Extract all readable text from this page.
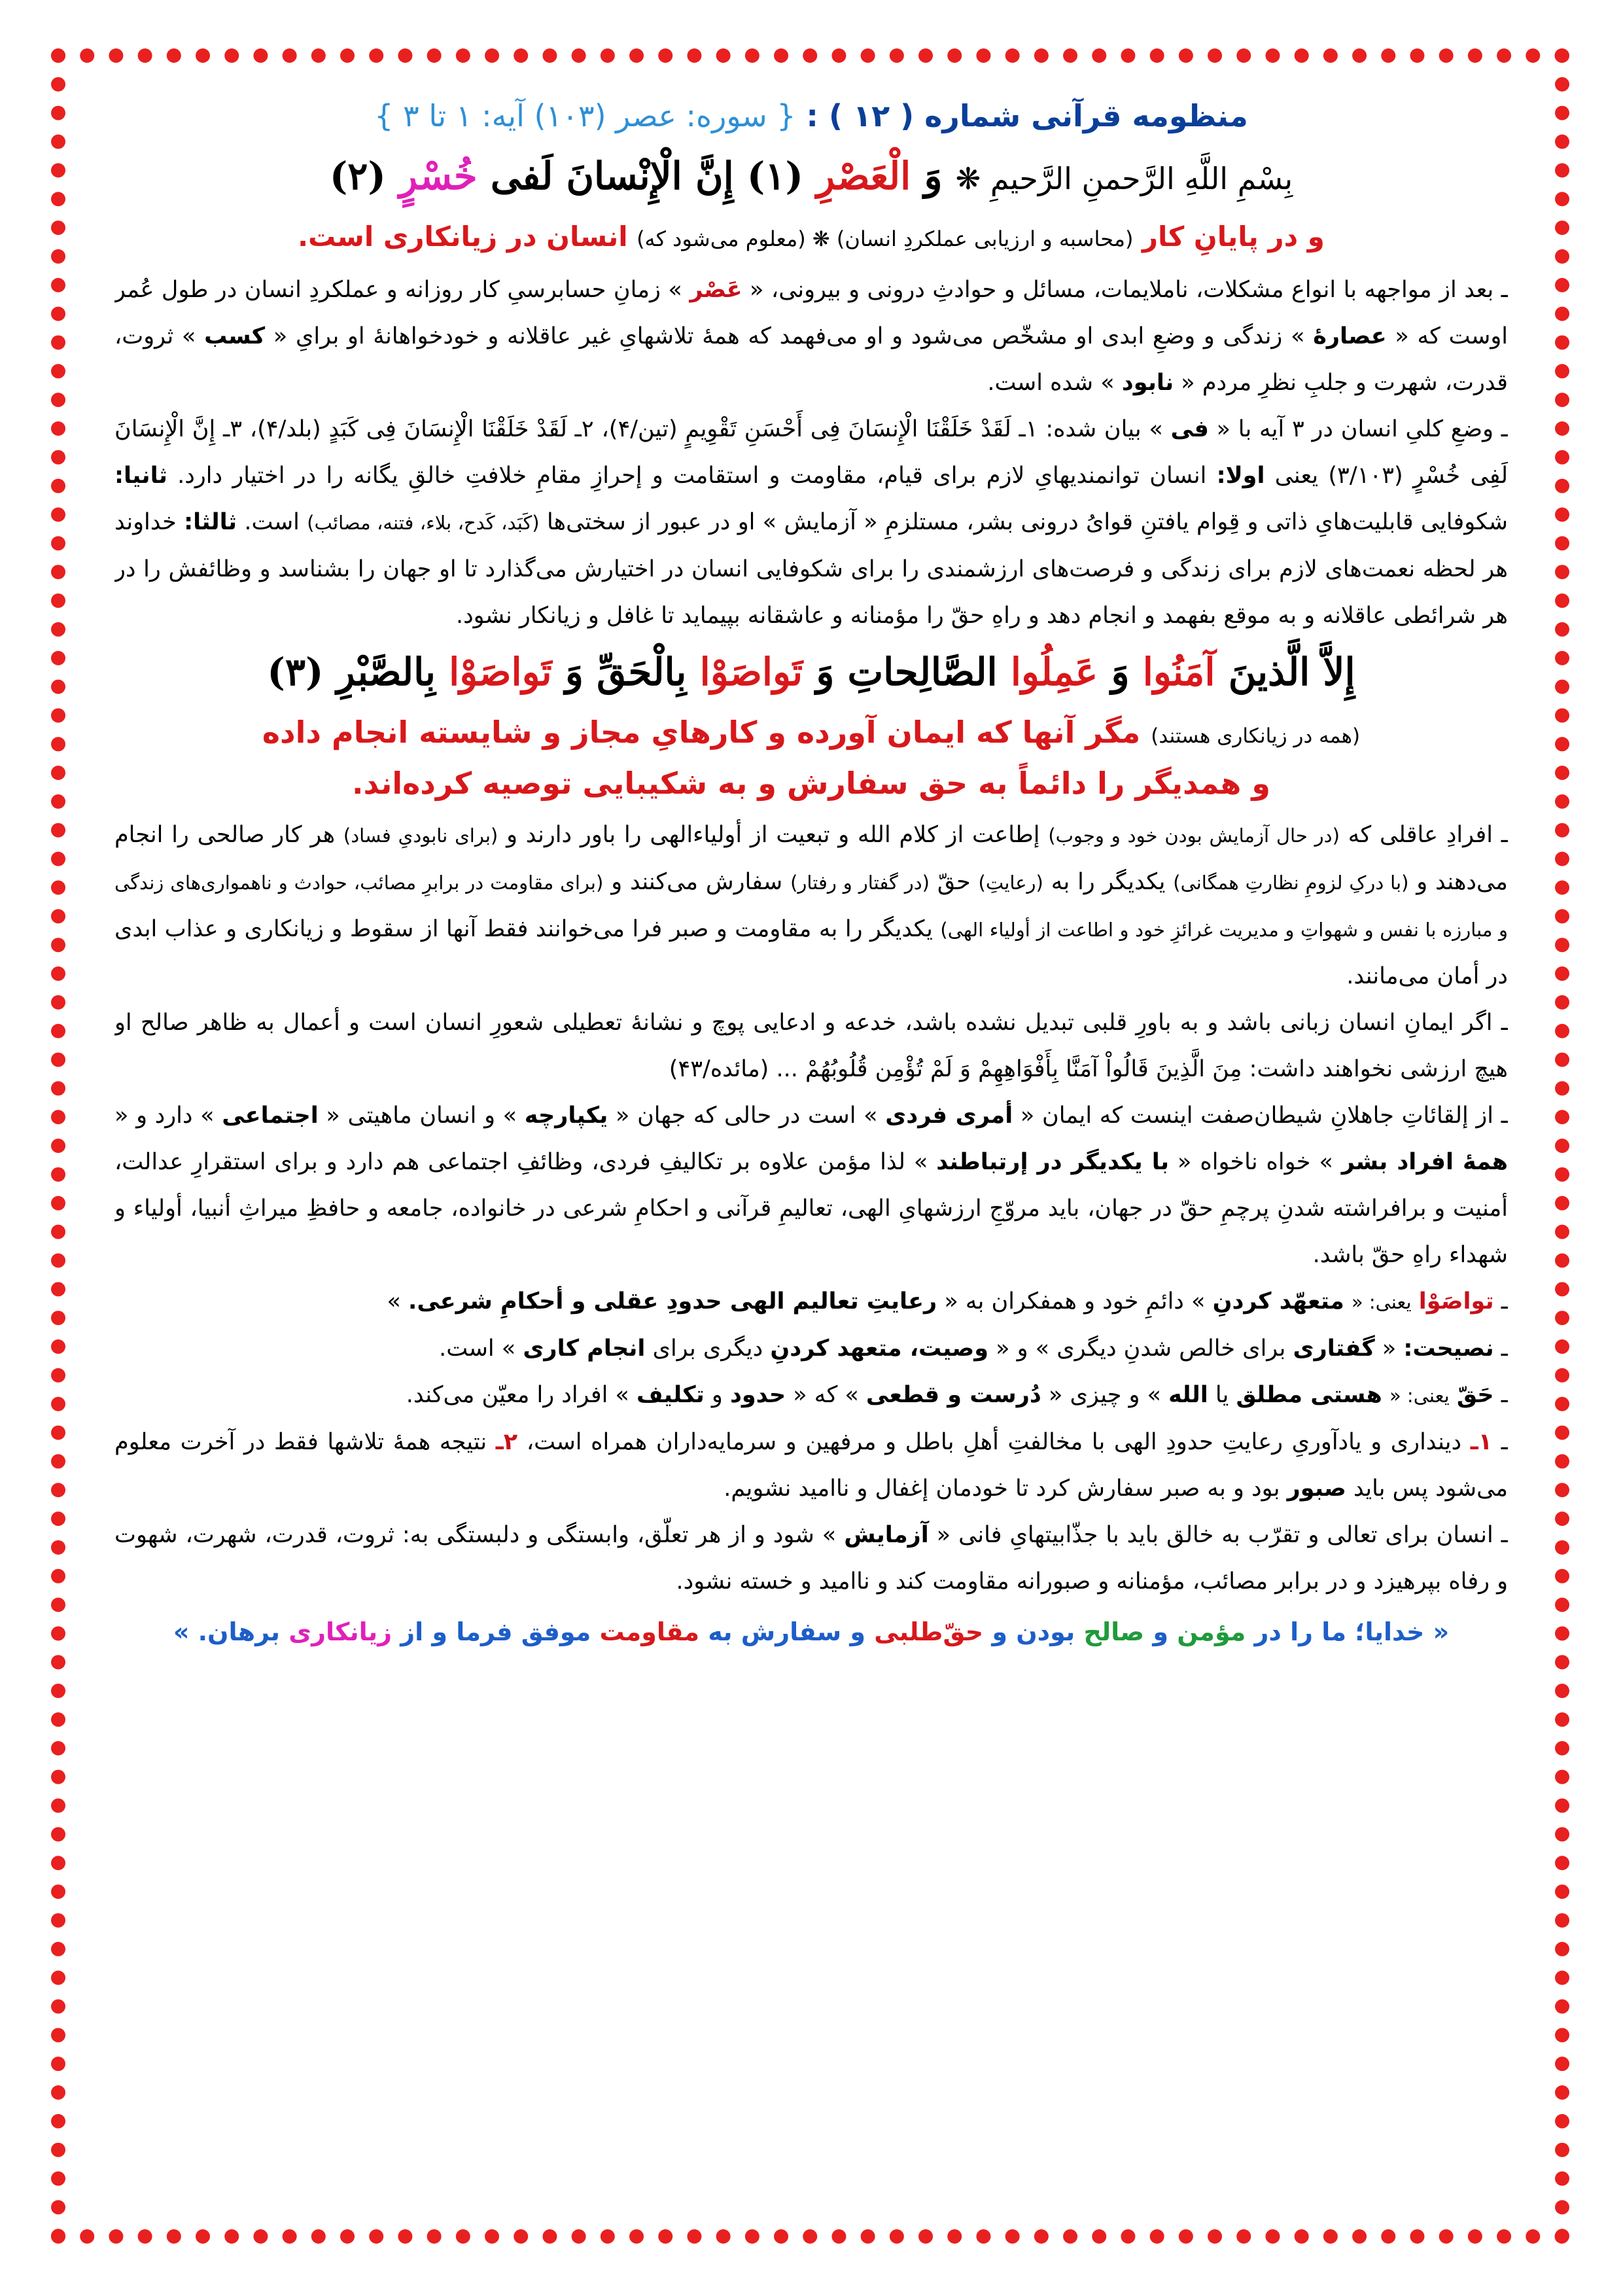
منظومه قرآنی شماره ( ۱۲ ) : { سوره: عصر (۱۰۳) آیه: ۱ تا ۳ }
بِسْمِ اللَّهِ الرَّحمنِ الرَّحيمِ ❋ وَ الْعَصْرِ (۱) إِنَّ الْإِنْسانَ لَفی خُسْرٍ (۲)
و در پایانِ کار (محاسبه و ارزیابی عملکردِ انسان) ❋ (معلوم می‌شود که) انسان در زیانکاری است.

ـ بعد از مواجهه با انواع مشکلات، ناملایمات، مسائل و حوادثِ درونی و بیرونی، « عَصْر » زمانِ حسابرسیِ کار روزانه و عملکردِ انسان در طول عُمر اوست که « عصارهٔ » زندگی و وضعِ ابدی او مشخّص می‌شود و او می‌فهمد که همهٔ تلاشهایِ غیر عاقلانه و خودخواهانهٔ او برایِ « کسب » ثروت، قدرت، شهرت و جلبِ نظرِ مردم « نابود » شده است.

ـ وضعِ کلیِ انسان در ۳ آیه با « فی » بیان شده: ۱ـ لَقَدْ خَلَقْنَا الْإِنسَانَ فِی أَحْسَنِ تَقْوِيمٍ (تین/۴)، ۲ـ لَقَدْ خَلَقْنَا الْإِنسَانَ فِی كَبَدٍ (بلد/۴)، ۳ـ إِنَّ الْإِنسَانَ لَفِی خُسْرٍ (۳/۱۰۳) یعنی اولا: انسان توانمندیهایِ لازم برای قیام، مقاومت و استقامت و إحرازِ مقامِ خلافتِ خالقِ یگانه را در اختیار دارد. ثانیا: شکوفایی قابلیت‌هایِ ذاتی و قِوام یافتنِ قوایُ درونی بشر، مستلزمِ « آزمایش » او در عبور از سختی‌ها (کَبَد، کَدح، بلاء، فتنه، مصائب) است. ثالثا: خداوند هر لحظه نعمت‌های لازم برای زندگی و فرصت‌های ارزشمندی را برای شکوفایی انسان در اختیارش می‌گذارد تا او جهان را بشناسد و وظائفش را در هر شرائطی عاقلانه و به موقع بفهمد و انجام دهد و راهِ حقّ را مؤمنانه و عاشقانه بپیماید تا غافل و زیانکار نشود.

إِلاَّ الَّذينَ آمَنُوا وَ عَمِلُوا الصَّالِحاتِ وَ تَواصَوْا بِالْحَقِّ وَ تَواصَوْا بِالصَّبْرِ (۳)

(همه در زیانکاری هستند) مگر آنها که ایمان آورده و کارهایِ مجاز و شایسته انجام داده

و همدیگر را دائماً به حق سفارش و به شکیبایی توصیه کرده‌اند.

ـ افرادِ عاقلی که (در حال آزمایش بودن خود و وجوب) إطاعت از کلام الله و تبعیت از أولیاءالهی را باور دارند و (برای نابودیِ فساد) هر کار صالحی را انجام می‌دهند و (با درکِ لزومِ نظارتِ همگانی) یکدیگر را به (رعایتِ) حقّ (در گفتار و رفتار) سفارش می‌کنند و (برای مقاومت در برابرِ مصائب، حوادث و ناهمواری‌های زندگی و مبارزه با نفس و شهواتِ و مدیریت غرائزِ خود و اطاعت از أولیاء الهی) یکدیگر را به مقاومت و صبر فرا می‌خوانند فقط آنها از سقوط و زیانکاری و عذاب ابدی در أمان می‌مانند.

ـ اگر ایمانِ انسان زبانی باشد و به باورِ قلبی تبدیل نشده باشد، خدعه و ادعایی پوچ و نشانهٔ تعطیلی شعورِ انسان است و أعمال به ظاهر صالح او هیچ ارزشی نخواهند داشت: مِنَ الَّذِينَ قَالُواْ آمَنَّا بِأَفْوَاهِهِمْ وَ لَمْ تُؤْمِن قُلُوبُهُمْ ... (مائده/۴۳)

ـ از إلقائاتِ جاهلانِ شیطان‌صفت اینست که ایمان « أمری فردی » است در حالی که جهان « یکپارچه » و انسان ماهیتی « اجتماعی » دارد و « همهٔ افراد بشر » خواه ناخواه « با یکدیگر در إرتباطند » لذا مؤمن علاوه بر تکالیفِ فردی، وظائفِ اجتماعی هم دارد و برای استقرارِ عدالت، أمنیت و برافراشته شدنِ پرچمِ حقّ در جهان، باید مروّجِ ارزشهایِ الهی، تعالیمِ قرآنی و احکامِ شرعی در خانواده، جامعه و حافظِ میراثِ أنبیا، أولیاء و شهداء راهِ حقّ باشد.

ـ تواصَوْا یعنی: « متعهّد کردنِ » دائمِ خود و همفکران به « رعایتِ تعالیم الهی حدودِ عقلی و أحکامِ شرعی. »

ـ نصیحت: « گفتاری برای خالص شدنِ دیگری » و « وصیت، متعهد کردنِ دیگری برای انجام کاری » است.

ـ حَقّ یعنی: « هستی مطلق یا الله » و چیزی « دُرست و قطعی » که « حدود و تکلیف » افراد را معیّن می‌کند.

ـ ۱ـ دینداری و یادآوریِ رعایتِ حدودِ الهی با مخالفتِ أهلِ باطل و مرفهین و سرمایه‌داران همراه است، ۲ـ نتیجه همهٔ تلاشها فقط در آخرت معلوم می‌شود پس باید صبور بود و به صبر سفارش کرد تا خودمان إغفال و ناامید نشویم.

ـ انسان برای تعالی و تقرّب به خالق باید با جذّابیتهایِ فانی « آزمایش » شود و از هر تعلّق، وابستگی و دلبستگی به: ثروت، قدرت، شهرت، شهوت و رفاه بپرهیزد و در برابر مصائب، مؤمنانه و صبورانه مقاومت کند و ناامید و خسته نشود.

« خدایا؛ ما را در مؤمن و صالح بودن و حقّ‌طلبی و سفارش به مقاومت موفق فرما و از زیانکاری برهان. »
